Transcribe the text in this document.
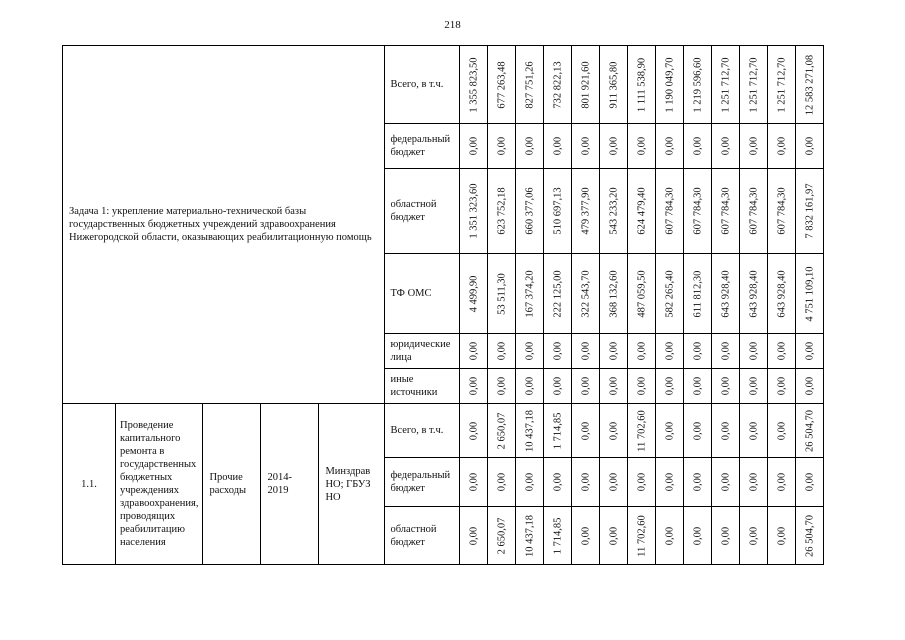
218
Задача 1: укрепление материально-технической базы государственных бюджетных учреждений здравоохранения Нижегородской области, оказывающих реабилитационную помощь					Всего, в т.ч.	1 355 823,50	677 263,48	827 751,26	732 822,13	801 921,60	911 365,80	1 111 538,90	1 190 049,70	1 219 596,60	1 251 712,70	1 251 712,70	1 251 712,70	12 583 271,08

					федеральный бюджет	0,00	0,00	0,00	0,00	0,00	0,00	0,00	0,00	0,00	0,00	0,00	0,00	0,00

					областной бюджет	1 351 323,60	623 752,18	660 377,06	510 697,13	479 377,90	543 233,20	624 479,40	607 784,30	607 784,30	607 784,30	607 784,30	607 784,30	7 832 161,97

					ТФ ОМС	4 499,90	53 511,30	167 374,20	222 125,00	322 543,70	368 132,60	487 059,50	582 265,40	611 812,30	643 928,40	643 928,40	643 928,40	4 751 109,10

					юридические лица	0,00	0,00	0,00	0,00	0,00	0,00	0,00	0,00	0,00	0,00	0,00	0,00	0,00

					иные источники	0,00	0,00	0,00	0,00	0,00	0,00	0,00	0,00	0,00	0,00	0,00	0,00	0,00

1.1.	Проведение капитального ремонта в государственных бюджетных учреждениях здравоохранения, проводящих реабилитацию населения	Прочие расходы	2014-2019	Минздрав НО; ГБУЗ НО	Всего, в т.ч.	0,00	2 650,07	10 437,18	1 714,85	0,00	0,00	11 702,60	0,00	0,00	0,00	0,00	0,00	26 504,70

					федеральный бюджет	0,00	0,00	0,00	0,00	0,00	0,00	0,00	0,00	0,00	0,00	0,00	0,00	0,00

					областной бюджет	0,00	2 650,07	10 437,18	1 714,85	0,00	0,00	11 702,60	0,00	0,00	0,00	0,00	0,00	26 504,70
